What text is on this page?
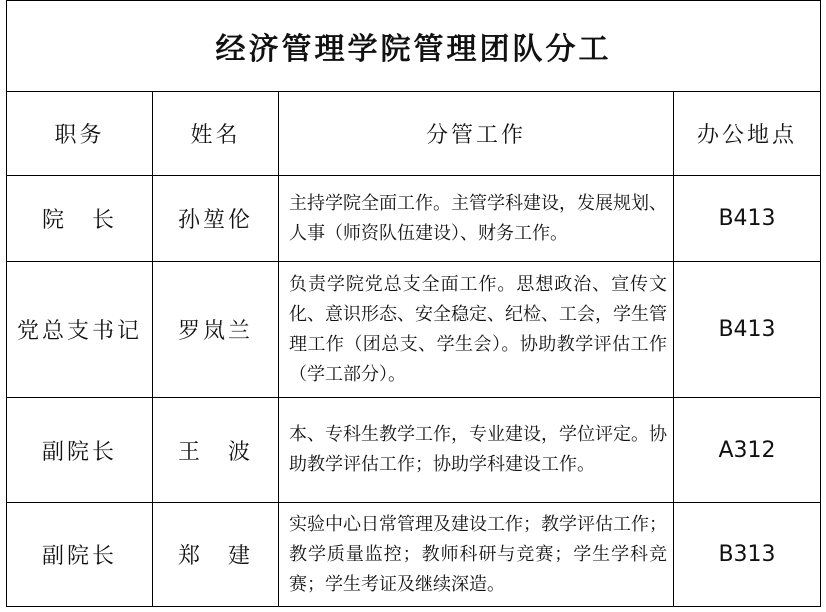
经济管理学院管理团队分工			
职务	姓名	分管工作	办公地点
院　长	孙堃伦	主持学院全面工作。主管学科建设，发展规划、人事（师资队伍建设）、财务工作。	B413
党总支书记	罗岚兰	负责学院党总支全面工作。思想政治、宣传文化、意识形态、安全稳定、纪检、工会，学生管理工作（团总支、学生会）。协助教学评估工作（学工部分）。	B413
副院长	王　波	本、专科生教学工作，专业建设，学位评定。协助教学评估工作；协助学科建设工作。	A312
副院长	郑　建	实验中心日常管理及建设工作；教学评估工作；教学质量监控；教师科研与竞赛；学生学科竞赛；学生考证及继续深造。	B313
